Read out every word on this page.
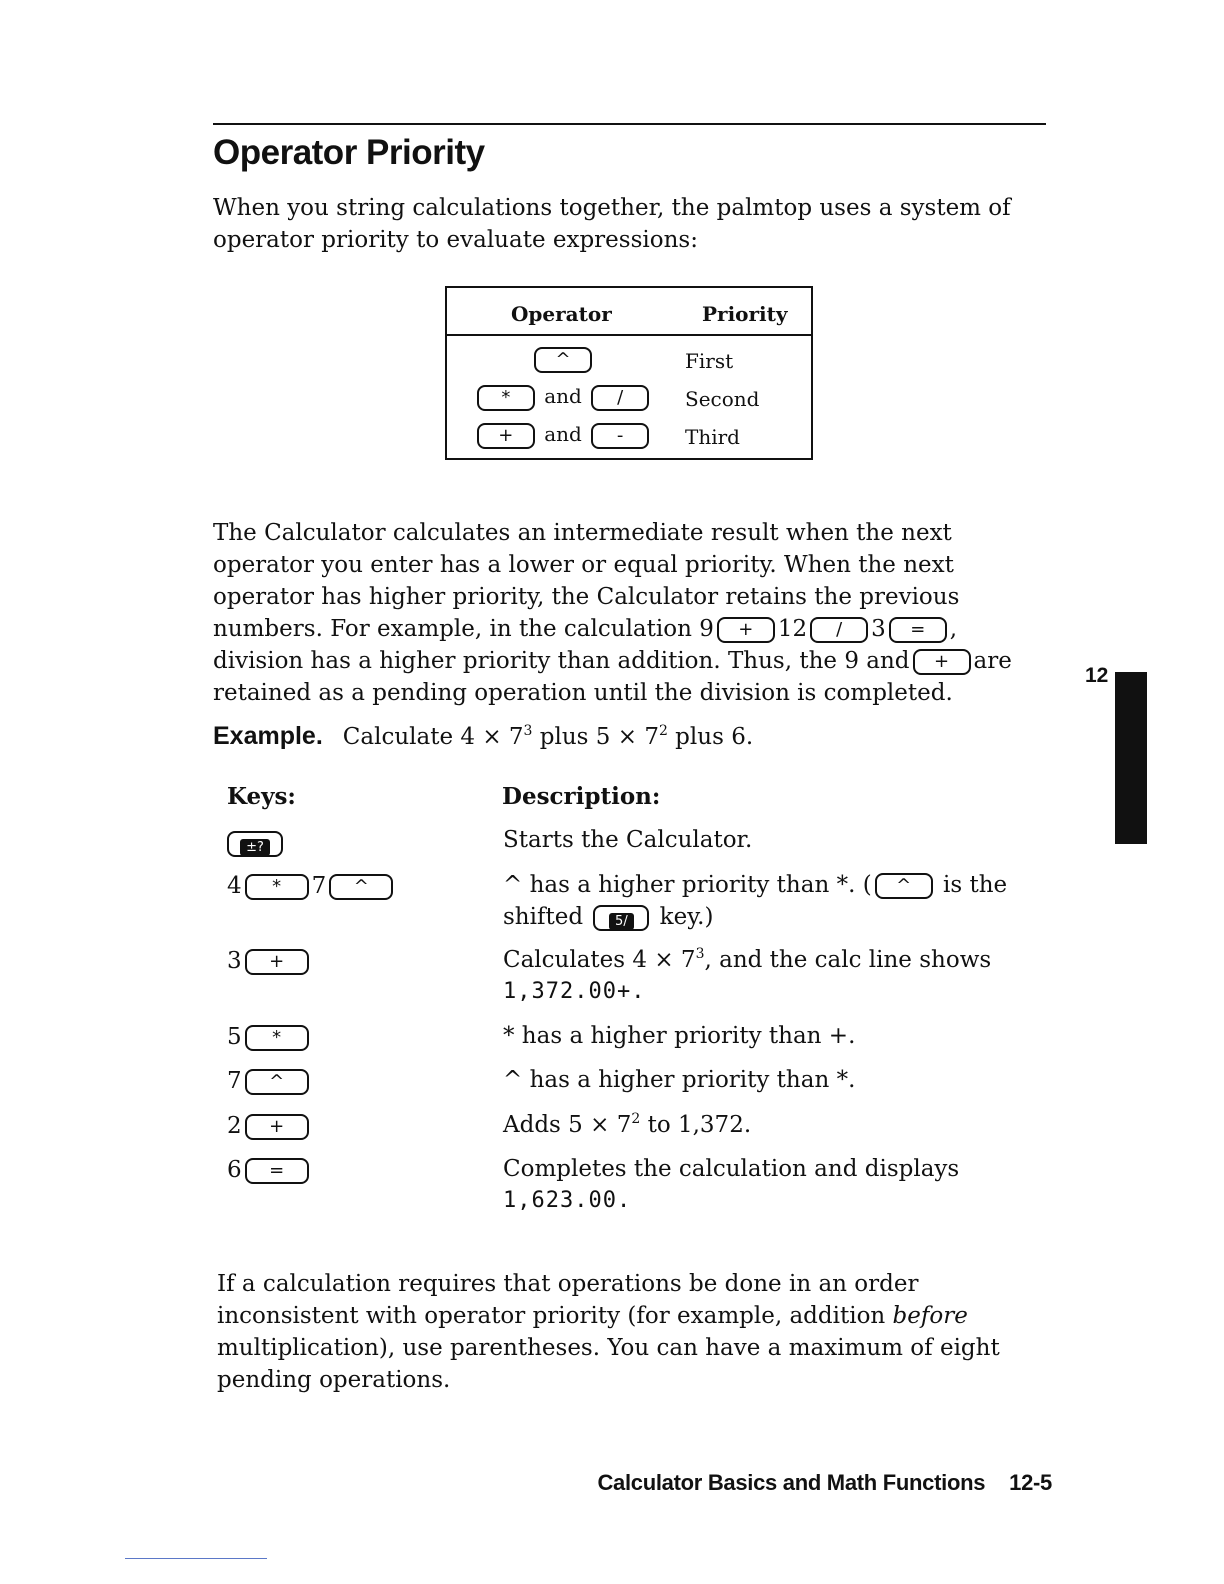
Operator Priority

When you string calculations together, the palmtop uses a system of
operator priority to evaluate expressions:

Operator	Priority
^	First
* and /	Second
+ and -	Third

The Calculator calculates an intermediate result when the next
operator you enter has a lower or equal priority. When the next
operator has higher priority, the Calculator retains the previous
numbers. For example, in the calculation 9 + 12 / 3 = ,
division has a higher priority than addition. Thus, the 9 and + are
retained as a pending operation until the division is completed.

Example. Calculate $4 \times 7^3$ plus $5 \times 7^2$ plus 6.
Keys:	Description:
±?	Starts the Calculator.
4 * 7 ^	^ has a higher priority than *. ( ^ is the
shifted 5/ key.)
3 +	Calculates $4 \times 7^3$, and the calc line shows
1,372.00+.
5 *	* has a higher priority than +.
7 ^	^ has a higher priority than *.
2 +	Adds $5 \times 7^2$ to 1,372.
6 =	Completes the calculation and displays
1,623.00.

If a calculation requires that operations be done in an order
inconsistent with operator priority (for example, addition before
multiplication), use parentheses. You can have a maximum of eight
pending operations.

12
Calculator Basics and Math Functions 12-5
